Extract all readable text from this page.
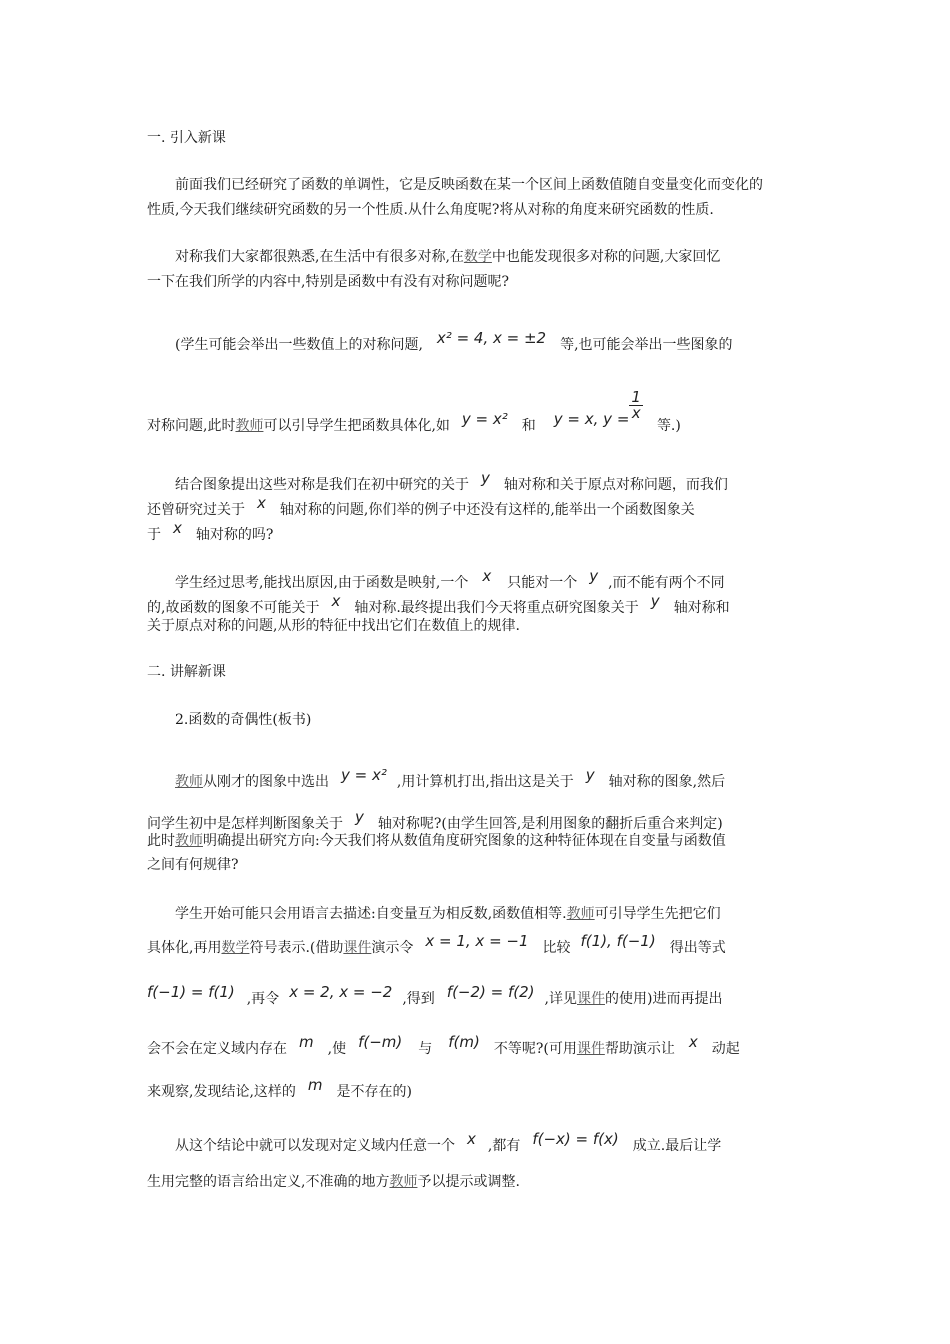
一. 引入新课
前面我们已经研究了函数的单调性，它是反映函数在某一个区间上函数值随自变量变化而变化的
性质,今天我们继续研究函数的另一个性质.从什么角度呢?将从对称的角度来研究函数的性质.
对称我们大家都很熟悉,在生活中有很多对称,在数学中也能发现很多对称的问题,大家回忆
一下在我们所学的内容中,特别是函数中有没有对称问题呢?
(学生可能会举出一些数值上的对称问题, x² = 4, x = ±2 等,也可能会举出一些图象的
对称问题,此时教师可以引导学生把函数具体化,如 y = x² 和 y = x, $y = \frac{1}{x}$
等.)
结合图象提出这些对称是我们在初中研究的关于 y 轴对称和关于原点对称问题，而我们
还曾研究过关于 x 轴对称的问题,你们举的例子中还没有这样的,能举出一个函数图象关
于 x 轴对称的吗?
学生经过思考,能找出原因,由于函数是映射,一个 x 只能对一个 y ,而不能有两个不同
的,故函数的图象不可能关于 x 轴对称.最终提出我们今天将重点研究图象关于 y 轴对称和
关于原点对称的问题,从形的特征中找出它们在数值上的规律.
二. 讲解新课
2.函数的奇偶性(板书)
教师从刚才的图象中选出 y = x² ,用计算机打出,指出这是关于 y 轴对称的图象,然后
问学生初中是怎样判断图象关于 y 轴对称呢?(由学生回答,是利用图象的翻折后重合来判定)
此时教师明确提出研究方向:今天我们将从数值角度研究图象的这种特征体现在自变量与函数值
之间有何规律?
学生开始可能只会用语言去描述:自变量互为相反数,函数值相等.教师可引导学生先把它们
具体化,再用数学符号表示.(借助课件演示令 x = 1, x = −1 比较 f(1), f(−1) 得出等式
f(−1) = f(1) ,再令 x = 2, x = −2 ,得到 f(−2) = f(2) ,详见课件的使用)进而再提出
会不会在定义域内存在 m ,使 f(−m) 与 f(m) 不等呢?(可用课件帮助演示让 x 动起
来观察,发现结论,这样的 m 是不存在的)
从这个结论中就可以发现对定义域内任意一个 x ,都有 f(−x) = f(x) 成立.最后让学
生用完整的语言给出定义,不准确的地方教师予以提示或调整.
